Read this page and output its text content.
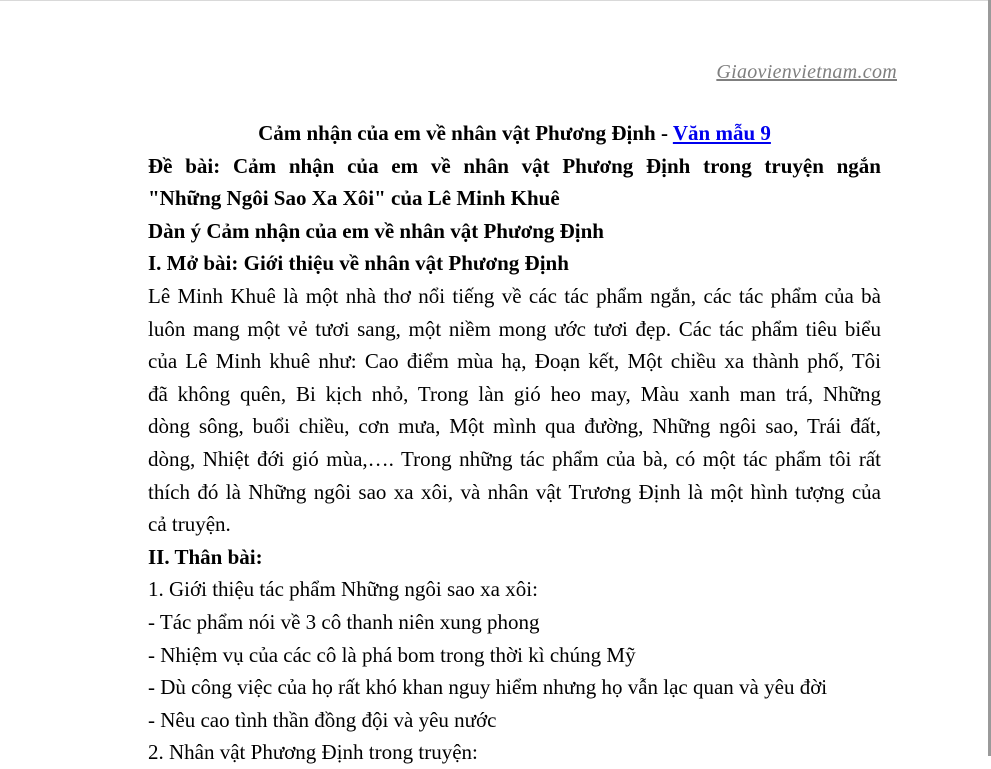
Giaovienvietnam.com

Cảm nhận của em về nhân vật Phương Định - Văn mẫu 9

Đề bài: Cảm nhận của em về nhân vật Phương Định trong truyện ngắn

"Những Ngôi Sao Xa Xôi" của Lê Minh Khuê

Dàn ý Cảm nhận của em về nhân vật Phương Định

I. Mở bài: Giới thiệu về nhân vật Phương Định

Lê Minh Khuê là một nhà thơ nổi tiếng về các tác phẩm ngắn, các tác phẩm của bà

luôn mang một vẻ tươi sang, một niềm mong ước tươi đẹp. Các tác phẩm tiêu biểu

của Lê Minh khuê như: Cao điểm mùa hạ, Đoạn kết, Một chiều xa thành phố, Tôi

đã không quên, Bi kịch nhỏ, Trong làn gió heo may, Màu xanh man trá, Những

dòng sông, buổi chiều, cơn mưa, Một mình qua đường, Những ngôi sao, Trái đất,

dòng, Nhiệt đới gió mùa,…. Trong những tác phẩm của bà, có một tác phẩm tôi rất

thích đó là Những ngôi sao xa xôi, và nhân vật Trương Định là một hình tượng của

cả truyện.

II. Thân bài:

1. Giới thiệu tác phẩm Những ngôi sao xa xôi:

- Tác phẩm nói về 3 cô thanh niên xung phong

- Nhiệm vụ của các cô là phá bom trong thời kì chúng Mỹ

- Dù công việc của họ rất khó khan nguy hiểm nhưng họ vẫn lạc quan và yêu đời

- Nêu cao tình thần đồng đội và yêu nước

2. Nhân vật Phương Định trong truyện:
